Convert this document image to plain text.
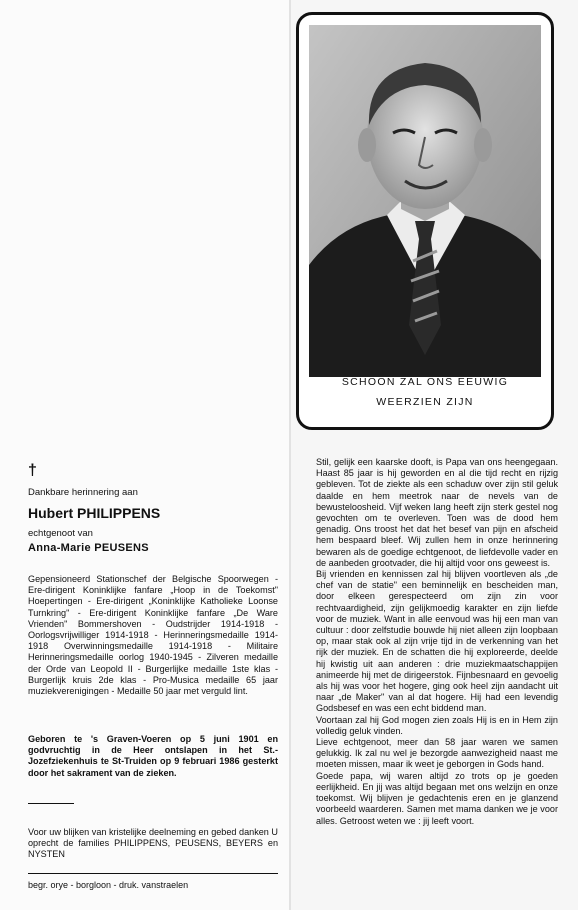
SCHOON ZAL ONS EEUWIG
WEERZIEN ZIJN
†
Dankbare herinnering aan
Hubert PHILIPPENS
echtgenoot van
Anna-Marie PEUSENS
Gepensioneerd Stationschef der Belgische Spoorwegen - Ere-dirigent Koninklijke fanfare „Hoop in de Toekomst" Hoepertingen - Ere-dirigent „Koninklijke Katholieke Loonse Turnkring" - Ere-dirigent Koninklijke fanfare „De Ware Vrienden" Bommershoven - Oudstrijder 1914-1918 - Oorlogsvrijwilliger 1914-1918 - Herinneringsmedaille 1914-1918 Overwinningsmedaille 1914-1918 - Militaire Herinneringsmedaille oorlog 1940-1945 - Zilveren medaille der Orde van Leopold II - Burgerlijke medaille 1ste klas - Burgerlijk kruis 2de klas - Pro-Musica medaille 65 jaar muziekverenigingen - Medaille 50 jaar met verguld lint.
Geboren te 's Graven-Voeren op 5 juni 1901 en godvruchtig in de Heer ontslapen in het St.-Jozefziekenhuis te St-Truiden op 9 februari 1986 gesterkt door het sakrament van de zieken.
Voor uw blijken van kristelijke deelneming en gebed danken U oprecht de families PHILIPPENS, PEUSENS, BEYERS en NYSTEN
begr. orye - borgloon - druk. vanstraelen

Stil, gelijk een kaarske dooft, is Papa van ons heengegaan. Haast 85 jaar is hij geworden en al die tijd recht en rijzig gebleven. Tot de ziekte als een schaduw over zijn stil geluk daalde en hem meetrok naar de nevels van de bewusteloosheid. Vijf weken lang heeft zijn sterk gestel nog gevochten om te overleven. Toen was de dood hem genadig. Ons troost het dat het besef van pijn en afscheid hem bespaard bleef. Wij zullen hem in onze herinnering bewaren als de goedige echtgenoot, de liefdevolle vader en de aanbeden grootvader, die hij altijd voor ons geweest is.

Bij vrienden en kennissen zal hij blijven voortleven als „de chef van de statie" een beminnelijk en bescheiden man, door elkeen gerespecteerd om zijn zin voor rechtvaardigheid, zijn gelijkmoedig karakter en zijn liefde voor de muziek. Want in alle eenvoud was hij een man van cultuur : door zelfstudie bouwde hij niet alleen zijn loopbaan op, maar stak ook al zijn vrije tijd in de verkenning van het rijk der muziek. En de schatten die hij exploreerde, deelde hij kwistig uit aan anderen : drie muziekmaatschappijen animeerde hij met de dirigeerstok. Fijnbesnaard en gevoelig als hij was voor het hogere, ging ook heel zijn aandacht uit naar „de Maker" van al dat hogere. Hij had een levendig Godsbesef en was een echt biddend man.

Voortaan zal hij God mogen zien zoals Hij is en in Hem zijn volledig geluk vinden.

Lieve echtgenoot, meer dan 58 jaar waren we samen gelukkig. Ik zal nu wel je bezorgde aanwezigheid naast me moeten missen, maar ik weet je geborgen in Gods hand.

Goede papa, wij waren altijd zo trots op je goeden eerlijkheid. En jij was altijd begaan met ons welzijn en onze toekomst. Wij blijven je gedachtenis eren en je glanzend voorbeeld waarderen. Samen met mama danken we je voor alles. Getroost weten we : jij leeft voort.
